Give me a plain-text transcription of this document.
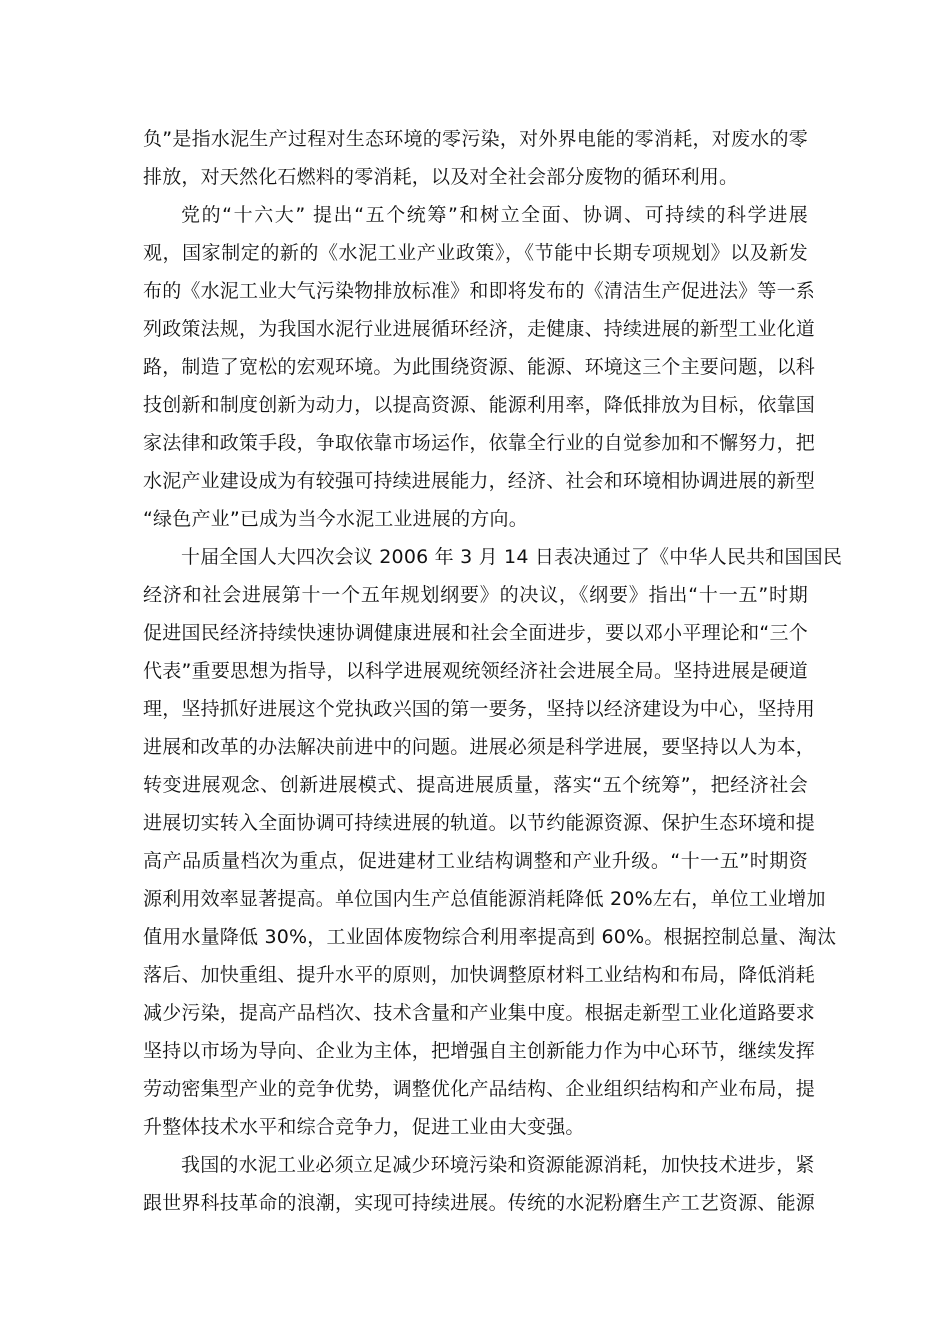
负”是指水泥生产过程对生态环境的零污染，对外界电能的零消耗，对废水的零
排放，对天然化石燃料的零消耗，以及对全社会部分废物的循环利用。
党的“十六大” 提出“五个统筹”和树立全面、协调、可持续的科学进展
观，国家制定的新的《水泥工业产业政策》，《节能中长期专项规划》以及新发
布的《水泥工业大气污染物排放标准》和即将发布的《清洁生产促进法》等一系
列政策法规，为我国水泥行业进展循环经济，走健康、持续进展的新型工业化道
路，制造了宽松的宏观环境。为此围绕资源、能源、环境这三个主要问题，以科
技创新和制度创新为动力，以提高资源、能源利用率，降低排放为目标，依靠国
家法律和政策手段，争取依靠市场运作，依靠全行业的自觉参加和不懈努力，把
水泥产业建设成为有较强可持续进展能力，经济、社会和环境相协调进展的新型
“绿色产业”已成为当今水泥工业进展的方向。
十届全国人大四次会议 2006 年 3 月 14 日表决通过了《中华人民共和国国民
经济和社会进展第十一个五年规划纲要》的决议，《纲要》指出“十一五”时期
促进国民经济持续快速协调健康进展和社会全面进步，要以邓小平理论和“三个
代表”重要思想为指导，以科学进展观统领经济社会进展全局。坚持进展是硬道
理，坚持抓好进展这个党执政兴国的第一要务，坚持以经济建设为中心，坚持用
进展和改革的办法解决前进中的问题。进展必须是科学进展，要坚持以人为本，
转变进展观念、创新进展模式、提高进展质量，落实“五个统筹”，把经济社会
进展切实转入全面协调可持续进展的轨道。以节约能源资源、保护生态环境和提
高产品质量档次为重点，促进建材工业结构调整和产业升级。“十一五”时期资
源利用效率显著提高。单位国内生产总值能源消耗降低 20%左右，单位工业增加
值用水量降低 30%，工业固体废物综合利用率提高到 60%。根据控制总量、淘汰
落后、加快重组、提升水平的原则，加快调整原材料工业结构和布局，降低消耗
减少污染，提高产品档次、技术含量和产业集中度。根据走新型工业化道路要求
坚持以市场为导向、企业为主体，把增强自主创新能力作为中心环节，继续发挥
劳动密集型产业的竞争优势，调整优化产品结构、企业组织结构和产业布局，提
升整体技术水平和综合竞争力，促进工业由大变强。
我国的水泥工业必须立足减少环境污染和资源能源消耗，加快技术进步，紧
跟世界科技革命的浪潮，实现可持续进展。传统的水泥粉磨生产工艺资源、能源
